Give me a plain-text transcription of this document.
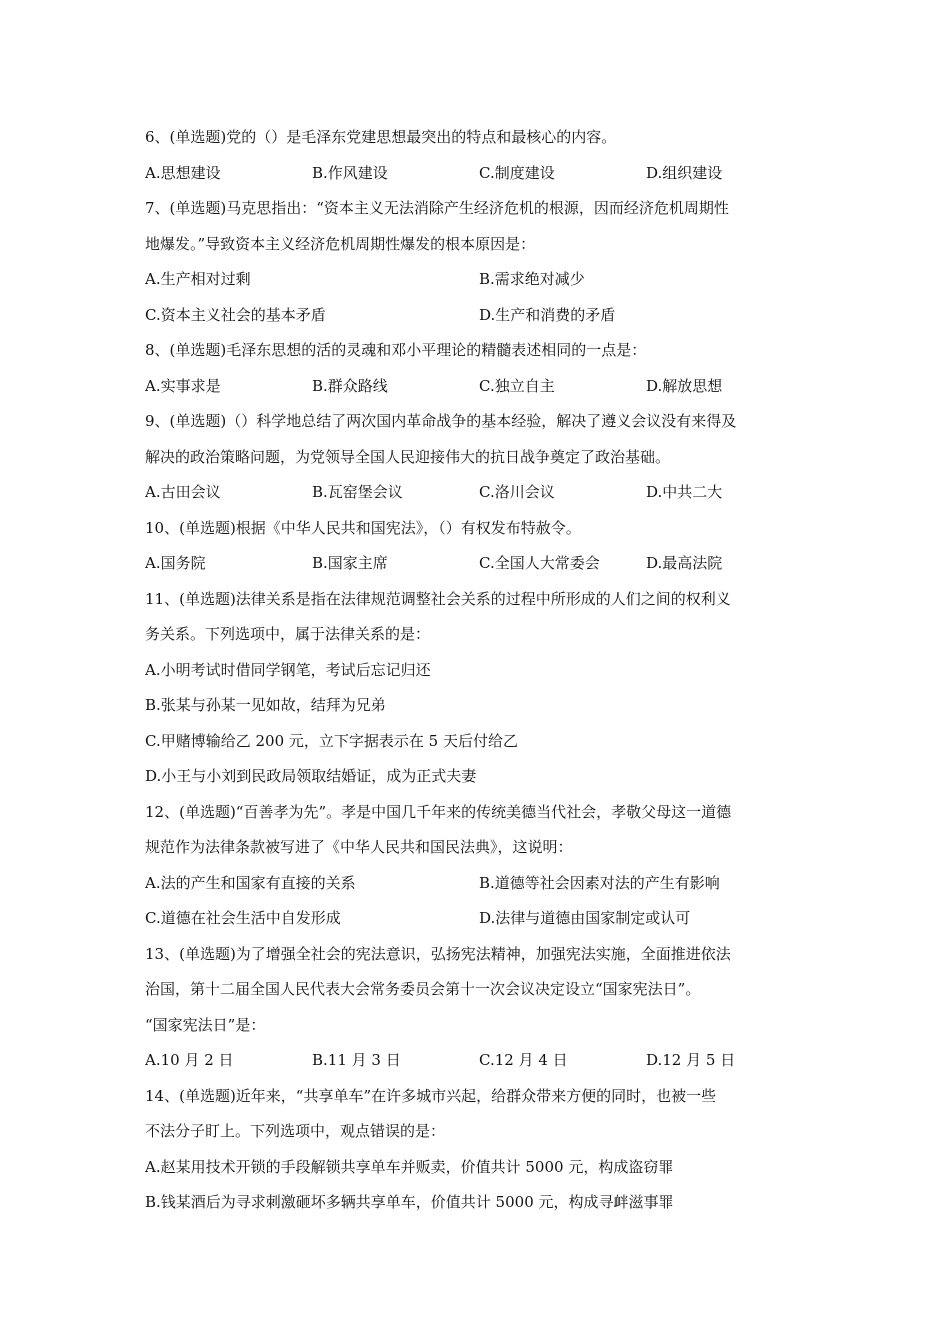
6、(单选题)党的（）是毛泽东党建思想最突出的特点和最核心的内容。
A.思想建设	B.作风建设	C.制度建设	D.组织建设
7、(单选题)马克思指出：“资本主义无法消除产生经济危机的根源，因而经济危机周期性
地爆发。”导致资本主义经济危机周期性爆发的根本原因是：
A.生产相对过剩	B.需求绝对减少
C.资本主义社会的基本矛盾	D.生产和消费的矛盾
8、(单选题)毛泽东思想的活的灵魂和邓小平理论的精髓表述相同的一点是：
A.实事求是	B.群众路线	C.独立自主	D.解放思想
9、(单选题)（）科学地总结了两次国内革命战争的基本经验，解决了遵义会议没有来得及
解决的政治策略问题，为党领导全国人民迎接伟大的抗日战争奠定了政治基础。
A.古田会议	B.瓦窑堡会议	C.洛川会议	D.中共二大
10、(单选题)根据《中华人民共和国宪法》，（）有权发布特赦令。
A.国务院	B.国家主席	C.全国人大常委会	D.最高法院
11、(单选题)法律关系是指在法律规范调整社会关系的过程中所形成的人们之间的权利义
务关系。下列选项中，属于法律关系的是：
A.小明考试时借同学钢笔，考试后忘记归还
B.张某与孙某一见如故，结拜为兄弟
C.甲赌博输给乙 200 元，立下字据表示在 5 天后付给乙
D.小王与小刘到民政局领取结婚证，成为正式夫妻
12、(单选题)“百善孝为先”。孝是中国几千年来的传统美德当代社会，孝敬父母这一道德
规范作为法律条款被写进了《中华人民共和国民法典》，这说明：
A.法的产生和国家有直接的关系	B.道德等社会因素对法的产生有影响
C.道德在社会生活中自发形成	D.法律与道德由国家制定或认可
13、(单选题)为了增强全社会的宪法意识，弘扬宪法精神，加强宪法实施，全面推进依法
治国，第十二届全国人民代表大会常务委员会第十一次会议决定设立“国家宪法日”。
“国家宪法日”是：
A.10 月 2 日	B.11 月 3 日	C.12 月 4 日	D.12 月 5 日
14、(单选题)近年来，“共享单车”在许多城市兴起，给群众带来方便的同时，也被一些
不法分子盯上。下列选项中，观点错误的是：
A.赵某用技术开锁的手段解锁共享单车并贩卖，价值共计 5000 元，构成盗窃罪
B.钱某酒后为寻求刺激砸坏多辆共享单车，价值共计 5000 元，构成寻衅滋事罪
